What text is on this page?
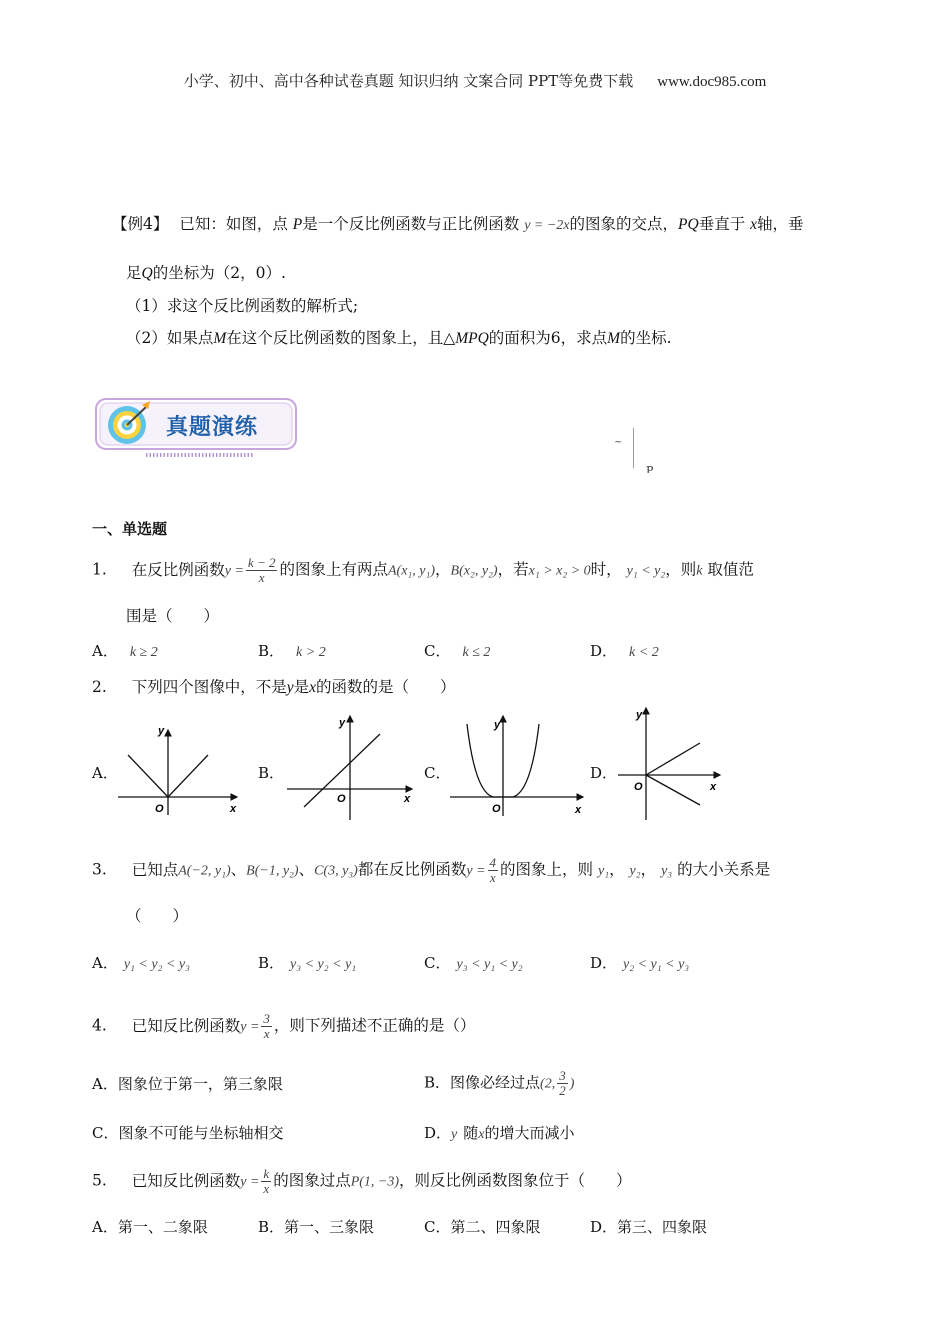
小学、初中、高中各种试卷真题 知识归纳 文案合同 PPT等免费下载 www.doc985.com
【例4】 已知：如图，点 P是一个反比例函数与正比例函数 y = −2x的图象的交点，PQ垂直于 x轴，垂
足Q的坐标为（2，0）.
（1）求这个反比例函数的解析式;
（2）如果点M在这个反比例函数的图象上，且△MPQ的面积为6，求点M的坐标.
真题演练
~
P
一、单选题
1. 在反比例函数$y = \frac{k - 2}{x}$ 的图象上有两点A(x₁, y₁)，B(x₂, y₂)，若x₁ > x₂ > 0时， y₁ < y₂，则k 取值范
围是（　　）
A． k ≥ 2	B． k > 2	C． k ≤ 2	D． k < 2
2. 下列四个图像中，不是y是x的函数的是（　　）
A．	B．	C．	D．
y
x
O
y
x
O
y
x
O
y
x
O
3. 已知点A(−2, y₁)、B(−1, y₂)、C(3, y₃)都在反比例函数$y = \frac{4}{x}$ 的图象上，则 y₁， y₂， y₃ 的大小关系是
（　　）
A． y₁ < y₂ < y₃	B． y₃ < y₂ < y₁	C． y₃ < y₁ < y₂	D． y₂ < y₁ < y₃
4. 已知反比例函数$y = \frac{3}{x}$ ，则下列描述不正确的是（）
A．图象位于第一，第三象限	B．图像必经过点(2, $\frac{3}{2}$ )
C．图象不可能与坐标轴相交	D．y 随x的增大而减小
5. 已知反比例函数$y = \frac{k}{x}$ 的图象过点P(1, −3)，则反比例函数图象位于（　　）
A．第一、二象限	B．第一、三象限	C．第二、四象限	D．第三、四象限
